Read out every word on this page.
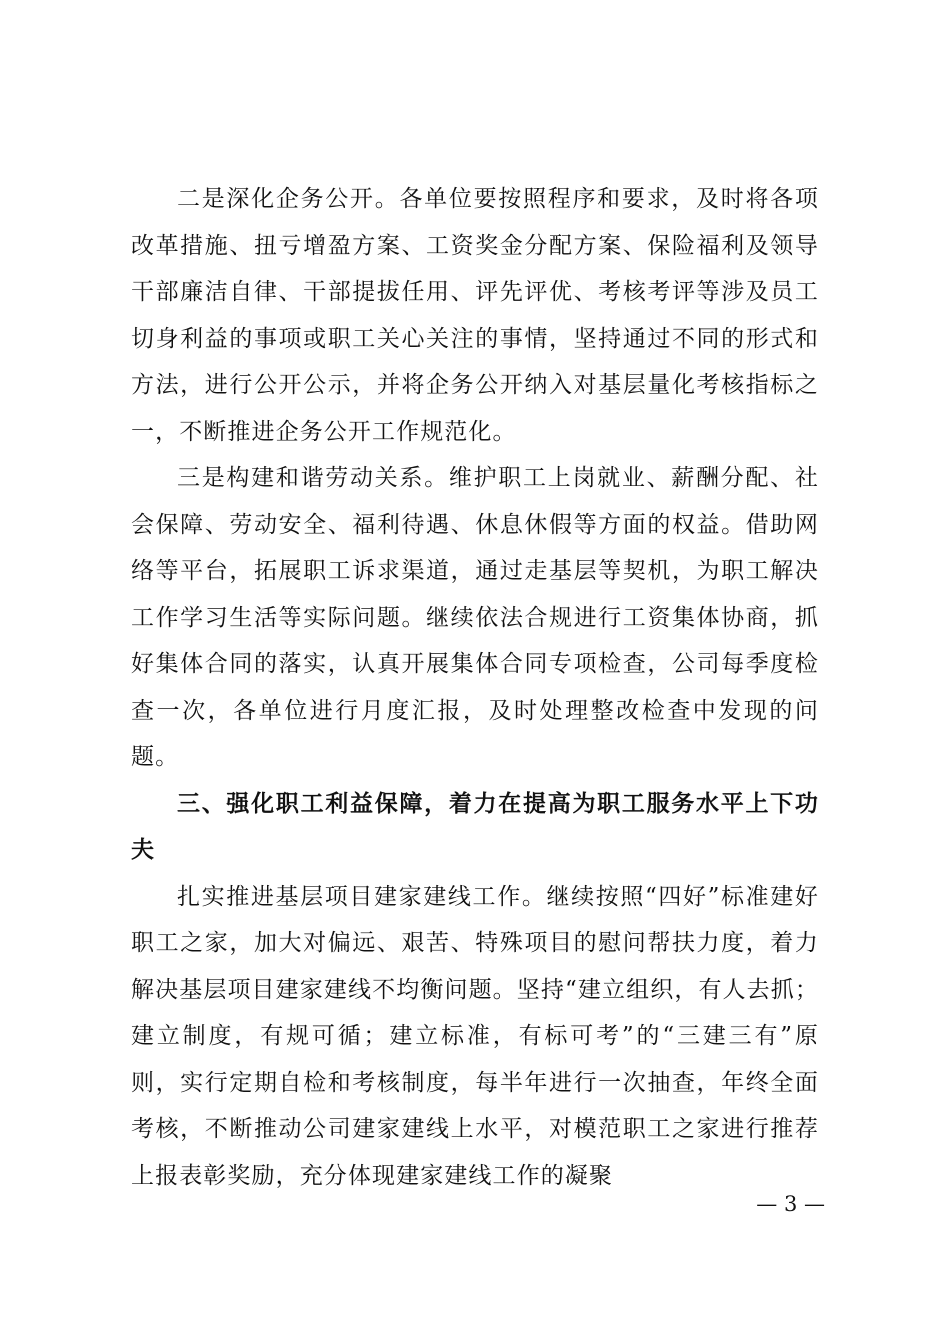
二是深化企务公开。各单位要按照程序和要求，及时将各项改革措施、扭亏增盈方案、工资奖金分配方案、保险福利及领导干部廉洁自律、干部提拔任用、评先评优、考核考评等涉及员工切身利益的事项或职工关心关注的事情，坚持通过不同的形式和方法，进行公开公示，并将企务公开纳入对基层量化考核指标之一，不断推进企务公开工作规范化。

三是构建和谐劳动关系。维护职工上岗就业、薪酬分配、社会保障、劳动安全、福利待遇、休息休假等方面的权益。借助网络等平台，拓展职工诉求渠道，通过走基层等契机，为职工解决工作学习生活等实际问题。继续依法合规进行工资集体协商，抓好集体合同的落实，认真开展集体合同专项检查，公司每季度检查一次，各单位进行月度汇报，及时处理整改检查中发现的问题。

三、强化职工利益保障，着力在提高为职工服务水平上下功夫

扎实推进基层项目建家建线工作。继续按照“四好”标准建好职工之家，加大对偏远、艰苦、特殊项目的慰问帮扶力度，着力解决基层项目建家建线不均衡问题。坚持“建立组织，有人去抓；建立制度，有规可循；建立标准，有标可考”的“三建三有”原则，实行定期自检和考核制度，每半年进行一次抽查，年终全面考核，不断推动公司建家建线上水平，对模范职工之家进行推荐上报表彰奖励，充分体现建家建线工作的凝聚

— 3 —
